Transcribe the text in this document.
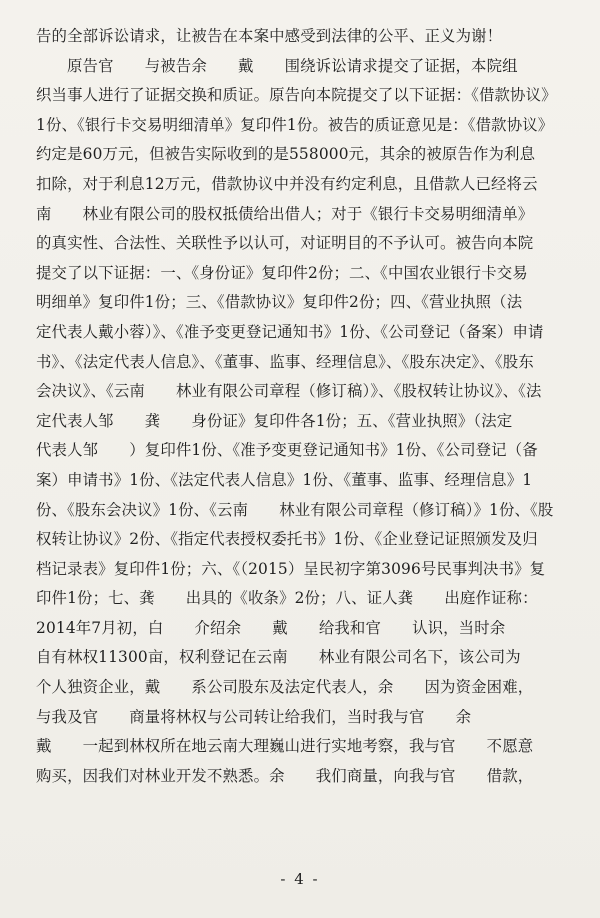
告的全部诉讼请求，让被告在本案中感受到法律的公平、正义为谢！
原告官　　与被告余　　戴　　围绕诉讼请求提交了证据，本院组
织当事人进行了证据交换和质证。原告向本院提交了以下证据：《借款协议》
1份、《银行卡交易明细清单》复印件1份。被告的质证意见是：《借款协议》
约定是60万元，但被告实际收到的是558000元，其余的被原告作为利息
扣除，对于利息12万元，借款协议中并没有约定利息，且借款人已经将云
南　　林业有限公司的股权抵债给出借人；对于《银行卡交易明细清单》
的真实性、合法性、关联性予以认可，对证明目的不予认可。被告向本院
提交了以下证据：一、《身份证》复印件2份；二、《中国农业银行卡交易
明细单》复印件1份；三、《借款协议》复印件2份；四、《营业执照（法
定代表人戴小蓉）》、《准予变更登记通知书》1份、《公司登记（备案）申请
书》、《法定代表人信息》、《董事、监事、经理信息》、《股东决定》、《股东
会决议》、《云南　　林业有限公司章程（修订稿）》、《股权转让协议》、《法
定代表人邹　　龚　　身份证》复印件各1份；五、《营业执照》（法定
代表人邹　　）复印件1份、《准予变更登记通知书》1份、《公司登记（备
案）申请书》1份、《法定代表人信息》1份、《董事、监事、经理信息》1
份、《股东会决议》1份、《云南　　林业有限公司章程（修订稿）》1份、《股
权转让协议》2份、《指定代表授权委托书》1份、《企业登记证照颁发及归
档记录表》复印件1份；六、《（2015）呈民初字第3096号民事判决书》复
印件1份；七、龚　　出具的《收条》2份；八、证人龚　　出庭作证称：
2014年7月初，白　　介绍余　　戴　　给我和官　　认识，当时余
自有林权11300亩，权利登记在云南　　林业有限公司名下，该公司为
个人独资企业，戴　　系公司股东及法定代表人，余　　因为资金困难，
与我及官　　商量将林权与公司转让给我们，当时我与官　　余　　
戴　　一起到林权所在地云南大理巍山进行实地考察，我与官　　不愿意
购买，因我们对林业开发不熟悉。余　　我们商量，向我与官　　借款，
- 4 -
